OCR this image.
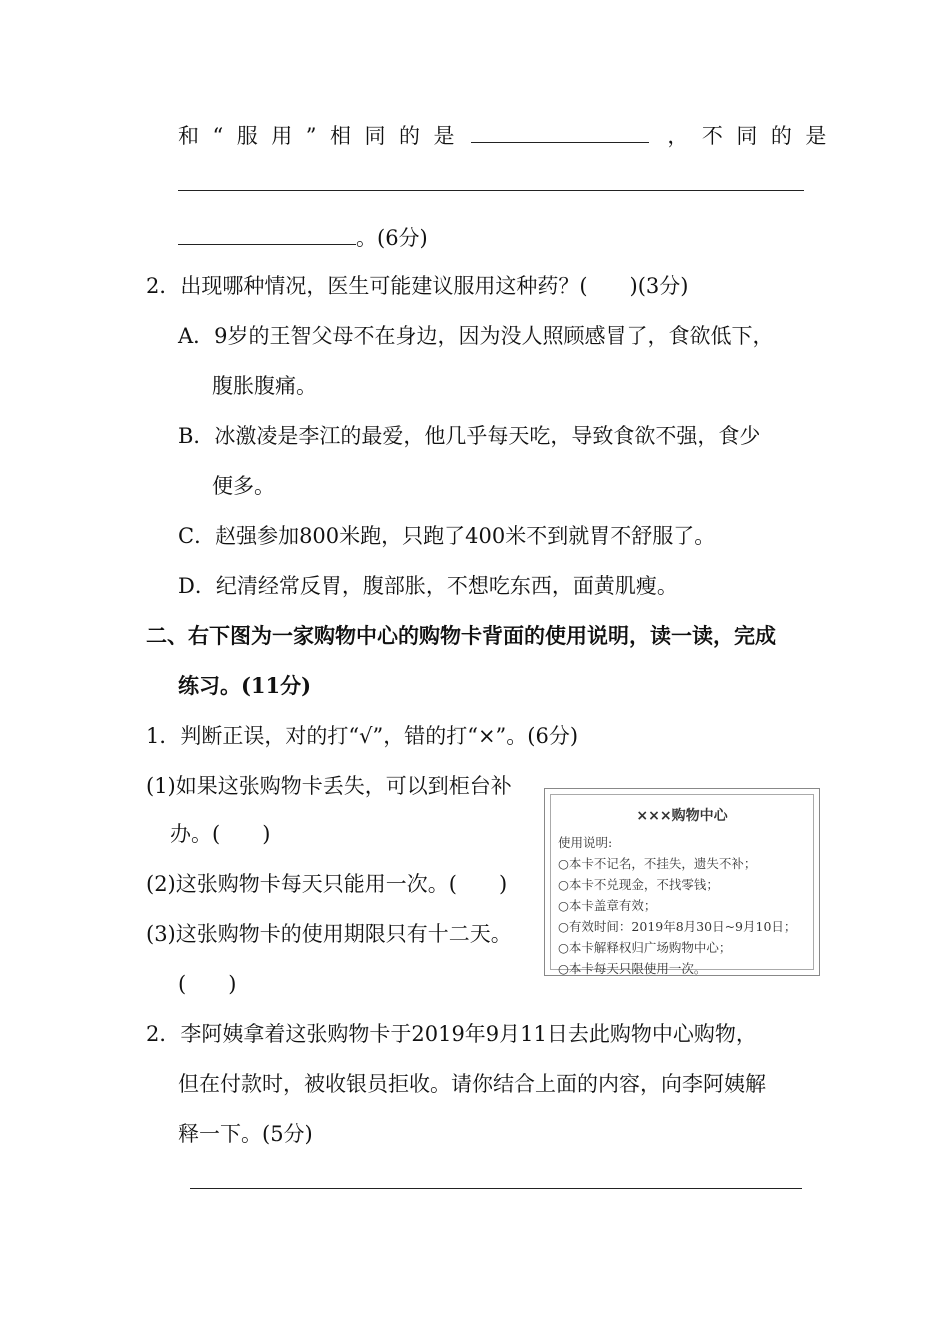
和“服用”相同的是	，不同的是
。(6分)
2．出现哪种情况，医生可能建议服用这种药？(　　)(3分)
A．9岁的王智父母不在身边，因为没人照顾感冒了，食欲低下，
腹胀腹痛。
B．冰激凌是李江的最爱，他几乎每天吃，导致食欲不强，食少
便多。
C．赵强参加800米跑，只跑了400米不到就胃不舒服了。
D．纪清经常反胃，腹部胀，不想吃东西，面黄肌瘦。
二、右下图为一家购物中心的购物卡背面的使用说明，读一读，完成
练习。(11分)
1．判断正误，对的打“√”，错的打“×”。(6分)
(1)如果这张购物卡丢失，可以到柜台补
办。(　　)
(2)这张购物卡每天只能用一次。(　　)
(3)这张购物卡的使用期限只有十二天。
(　　)
×××购物中心
使用说明:
○本卡不记名，不挂失，遗失不补；
○本卡不兑现金，不找零钱；
○本卡盖章有效；
○有效时间：2019年8月30日~9月10日；
○本卡解释权归广场购物中心；
○本卡每天只限使用一次。
2．李阿姨拿着这张购物卡于2019年9月11日去此购物中心购物，
但在付款时，被收银员拒收。请你结合上面的内容，向李阿姨解
释一下。(5分)
